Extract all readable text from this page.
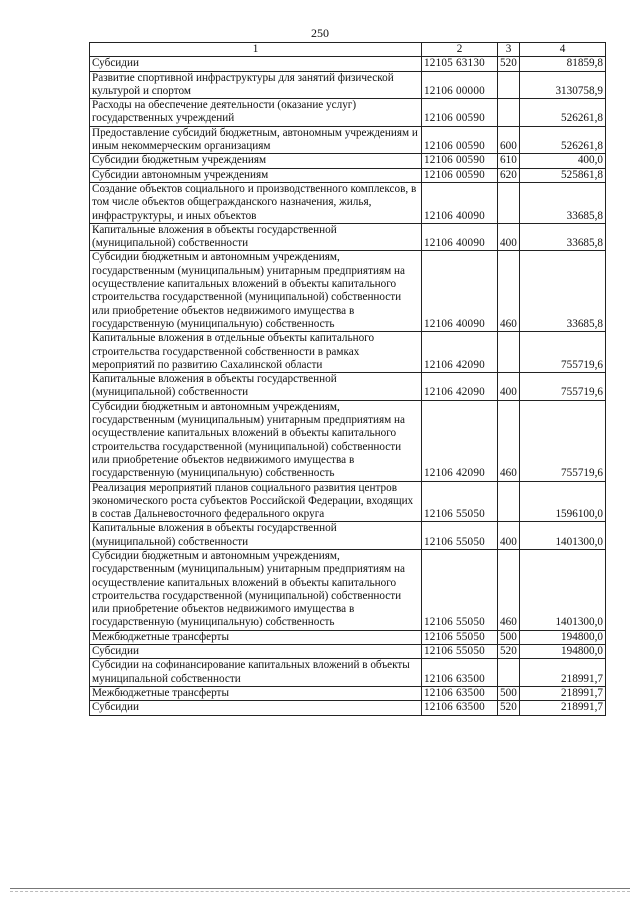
250
1	2	3	4
Субсидии	12105 63130	520	81859,8
Развитие спортивной инфраструктуры для занятий физической культурой и спортом	12106 00000		3130758,9
Расходы на обеспечение деятельности (оказание услуг) государственных учреждений	12106 00590		526261,8
Предоставление субсидий бюджетным, автономным учреждениям и иным некоммерческим организациям	12106 00590	600	526261,8
Субсидии бюджетным учреждениям	12106 00590	610	400,0
Субсидии автономным учреждениям	12106 00590	620	525861,8
Создание объектов социального и производственного комплексов, в том числе объектов общегражданского назначения, жилья, инфраструктуры, и иных объектов	12106 40090		33685,8
Капитальные вложения в объекты государственной (муниципальной) собственности	12106 40090	400	33685,8
Субсидии бюджетным и автономным учреждениям, государственным (муниципальным) унитарным предприятиям на осуществление капитальных вложений в объекты капитального строительства государственной (муниципальной) собственности или приобретение объектов недвижимого имущества в государственную (муниципальную) собственность	12106 40090	460	33685,8
Капитальные вложения в отдельные объекты капитального строительства государственной собственности в рамках мероприятий по развитию Сахалинской области	12106 42090		755719,6
Капитальные вложения в объекты государственной (муниципальной) собственности	12106 42090	400	755719,6
Субсидии бюджетным и автономным учреждениям, государственным (муниципальным) унитарным предприятиям на осуществление капитальных вложений в объекты капитального строительства государственной (муниципальной) собственности или приобретение объектов недвижимого имущества в государственную (муниципальную) собственность	12106 42090	460	755719,6
Реализация мероприятий планов социального развития центров экономического роста субъектов Российской Федерации, входящих в состав Дальневосточного федерального округа	12106 55050		1596100,0
Капитальные вложения в объекты государственной (муниципальной) собственности	12106 55050	400	1401300,0
Субсидии бюджетным и автономным учреждениям, государственным (муниципальным) унитарным предприятиям на осуществление капитальных вложений в объекты капитального строительства государственной (муниципальной) собственности или приобретение объектов недвижимого имущества в государственную (муниципальную) собственность	12106 55050	460	1401300,0
Межбюджетные трансферты	12106 55050	500	194800,0
Субсидии	12106 55050	520	194800,0
Субсидии на софинансирование капитальных вложений в объекты муниципальной собственности	12106 63500		218991,7
Межбюджетные трансферты	12106 63500	500	218991,7
Субсидии	12106 63500	520	218991,7
